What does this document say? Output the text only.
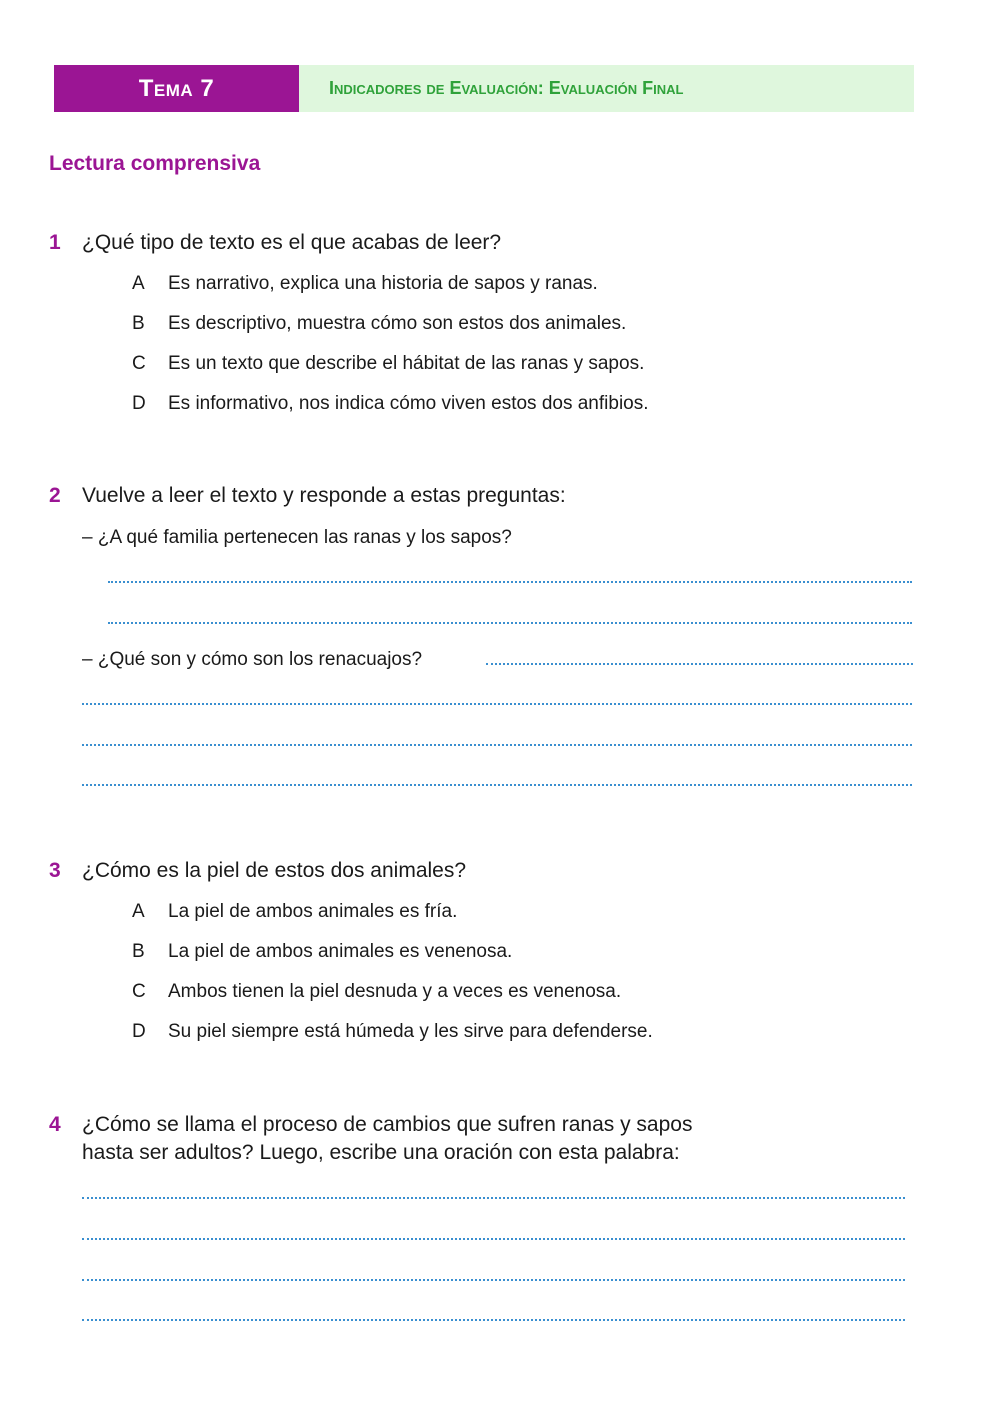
Tema 7	Indicadores de Evaluación: Evaluación Final
Lectura comprensiva
1 ¿Qué tipo de texto es el que acabas de leer?
A Es narrativo, explica una historia de sapos y ranas.
B Es descriptivo, muestra cómo son estos dos animales.
C Es un texto que describe el hábitat de las ranas y sapos.
D Es informativo, nos indica cómo viven estos dos anfibios.
2 Vuelve a leer el texto y responde a estas preguntas:
– ¿A qué familia pertenecen las ranas y los sapos?
– ¿Qué son y cómo son los renacuajos?
3 ¿Cómo es la piel de estos dos animales?
A La piel de ambos animales es fría.
B La piel de ambos animales es venenosa.
C Ambos tienen la piel desnuda y a veces es venenosa.
D Su piel siempre está húmeda y les sirve para defenderse.
4 ¿Cómo se llama el proceso de cambios que sufren ranas y sapos
hasta ser adultos? Luego, escribe una oración con esta palabra:
